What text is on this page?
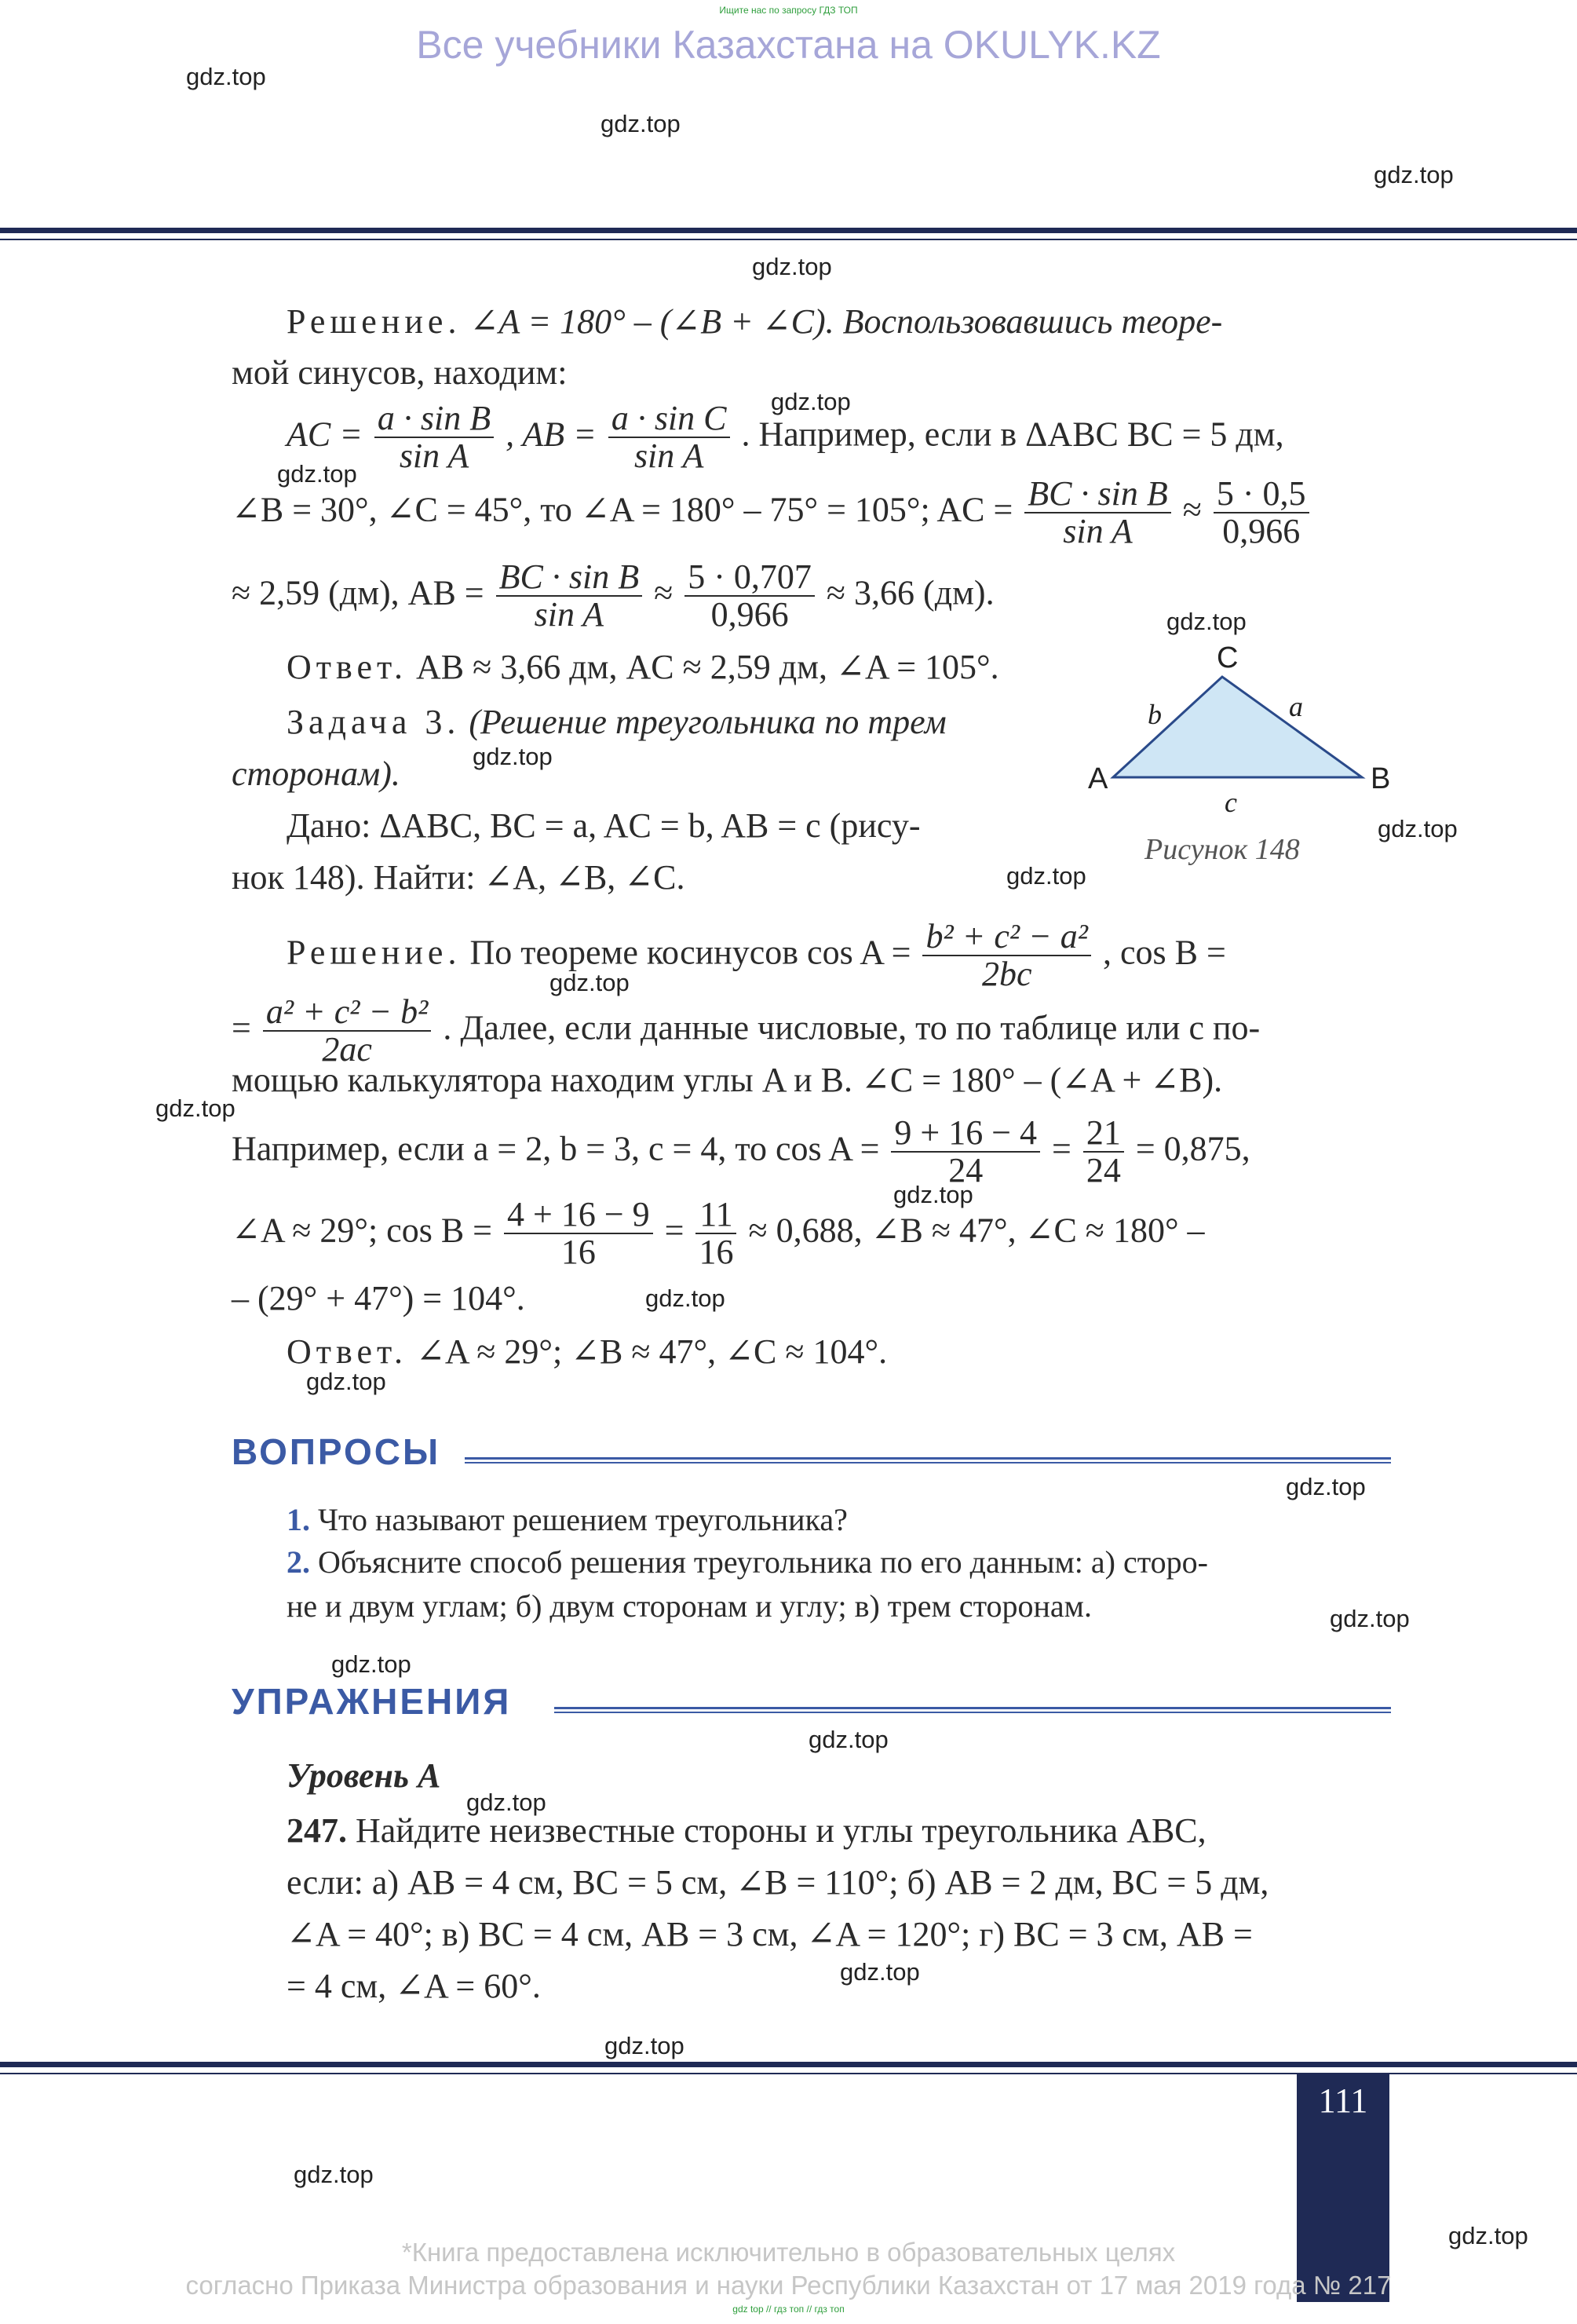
Ищите нас по запросу ГДЗ ТОП
Все учебники Казахстана на OKULYK.KZ
gdz.top
gdz.top
gdz.top
gdz.top
gdz.top
gdz.top
gdz.top
gdz.top
gdz.top
gdz.top
gdz.top
gdz.top
gdz.top
gdz.top
gdz.top
gdz.top
gdz.top
gdz.top
gdz.top
gdz.top
gdz.top
gdz.top
gdz.top
gdz.top
Решение. ∠A = 180° – (∠B + ∠C). Воспользовавшись теоре-
мой синусов, находим:
AC = $\frac{\text{a · sin B}}{\text{sin A}}$ , AB = $\frac{\text{a · sin C}}{\text{sin A}}$ . Например, если в ΔABC BC = 5 дм,
∠B = 30°, ∠C = 45°, то ∠A = 180° – 75° = 105°; AC = $\frac{\text{BC · sin B}}{\text{sin A}} \approx \frac{5 \cdot 0,5}{0,966}$
≈ 2,59 (дм), AB = $\frac{\text{BC · sin B}}{\text{sin A}} \approx \frac{5 \cdot 0,707}{0,966} \approx 3,66$ (дм).
Ответ. AB ≈ 3,66 дм, AC ≈ 2,59 дм, ∠A = 105°.
Задача 3. (Решение треугольника по трем
сторонам).
Дано: ΔABC, BC = a, AC = b, AB = c (рису-
нок 148). Найти: ∠A, ∠B, ∠C.
C
A	B
b	a
c
Рисунок 148
Решение. По теореме косинусов $\cos A = \frac{\text{b² + c² − a²}}{2bc}$ , cos B =
= $\frac{\text{a² + c² − b²}}{2ac}$ . Далее, если данные числовые, то по таблице или с по-
мощью калькулятора находим углы A и B. ∠C = 180° – (∠A + ∠B).
Например, если a = 2, b = 3, c = 4, то $\cos A = \frac{9 + 16 - 4}{24} = \frac{21}{24} = 0,875$,
∠A ≈ 29°; $\cos B = \frac{4 + 16 - 9}{16} = \frac{11}{16} \approx 0,688$, ∠B ≈ 47°, ∠C ≈ 180° –
– (29° + 47°) = 104°.
Ответ. ∠A ≈ 29°; ∠B ≈ 47°, ∠C ≈ 104°.
ВОПРОСЫ
1. Что называют решением треугольника?
2. Объясните способ решения треугольника по его данным: а) сторо-
не и двум углам; б) двум сторонам и углу; в) трем сторонам.
УПРАЖНЕНИЯ
Уровень А
247. Найдите неизвестные стороны и углы треугольника ABC,
если: а) AB = 4 см, BC = 5 см, ∠B = 110°; б) AB = 2 дм, BC = 5 дм,
∠A = 40°; в) BC = 4 см, AB = 3 см, ∠A = 120°; г) BC = 3 см, AB =
= 4 см, ∠A = 60°.
111
*Книга предоставлена исключительно в образовательных целях
согласно Приказа Министра образования и науки Республики Казахстан от 17 мая 2019 года № 217
gdz top // гдз топ // гдз топ
